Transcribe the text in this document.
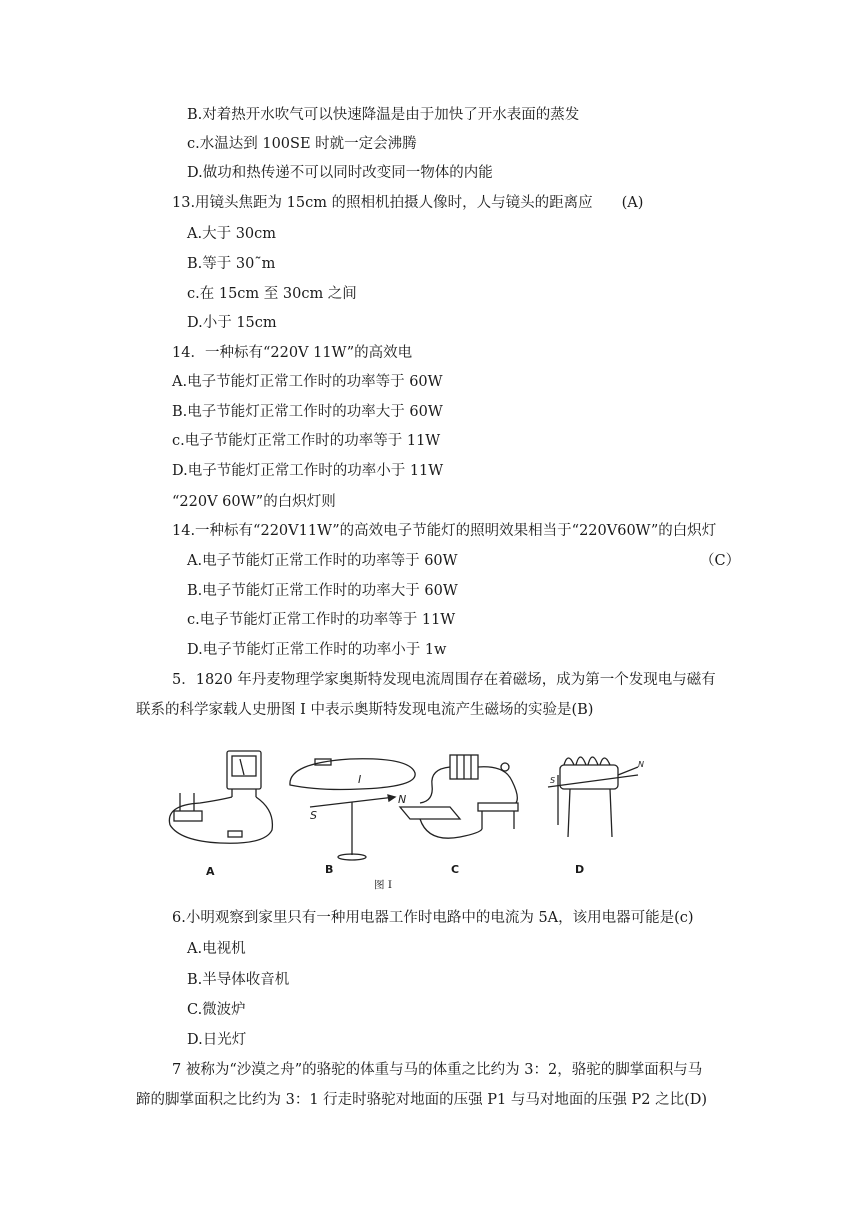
B.对着热开水吹气可以快速降温是由于加快了开水表面的蒸发
c.水温达到 100SE 时就一定会沸腾
D.做功和热传递不可以同时改变同一物体的内能
13.用镜头焦距为 15cm 的照相机拍摄人像时，人与镜头的距离应　　(A)
A.大于 30cm
B.等于 30˜m
c.在 15cm 至 30cm 之间
D.小于 15cm
14．一种标有“220V 11W”的高效电
A.电子节能灯正常工作时的功率等于 60W
B.电子节能灯正常工作时的功率大于 60W
c.电子节能灯正常工作时的功率等于 11W
D.电子节能灯正常工作时的功率小于 11W
“220V 60W”的白炽灯则
14.一种标有“220V11W”的高效电子节能灯的照明效果相当于“220V60W”的白炽灯
A.电子节能灯正常工作时的功率等于 60W	（C）
B.电子节能灯正常工作时的功率大于 60W
c.电子节能灯正常工作时的功率等于 11W
D.电子节能灯正常工作时的功率小于 1w
5．1820 年丹麦物理学家奥斯特发现电流周围存在着磁场，成为第一个发现电与磁有
联系的科学家载人史册图 I 中表示奥斯特发现电流产生磁场的实验是(B)
S
N
I	S
N
A	B	C	D
图 I
6.小明观察到家里只有一种用电器工作时电路中的电流为 5A，该用电器可能是(c)
A.电视机
B.半导体收音机
C.微波炉
D.日光灯
7 被称为“沙漠之舟”的骆驼的体重与马的体重之比约为 3：2，骆驼的脚掌面积与马
蹄的脚掌面积之比约为 3：1 行走时骆驼对地面的压强 P1 与马对地面的压强 P2 之比(D)
